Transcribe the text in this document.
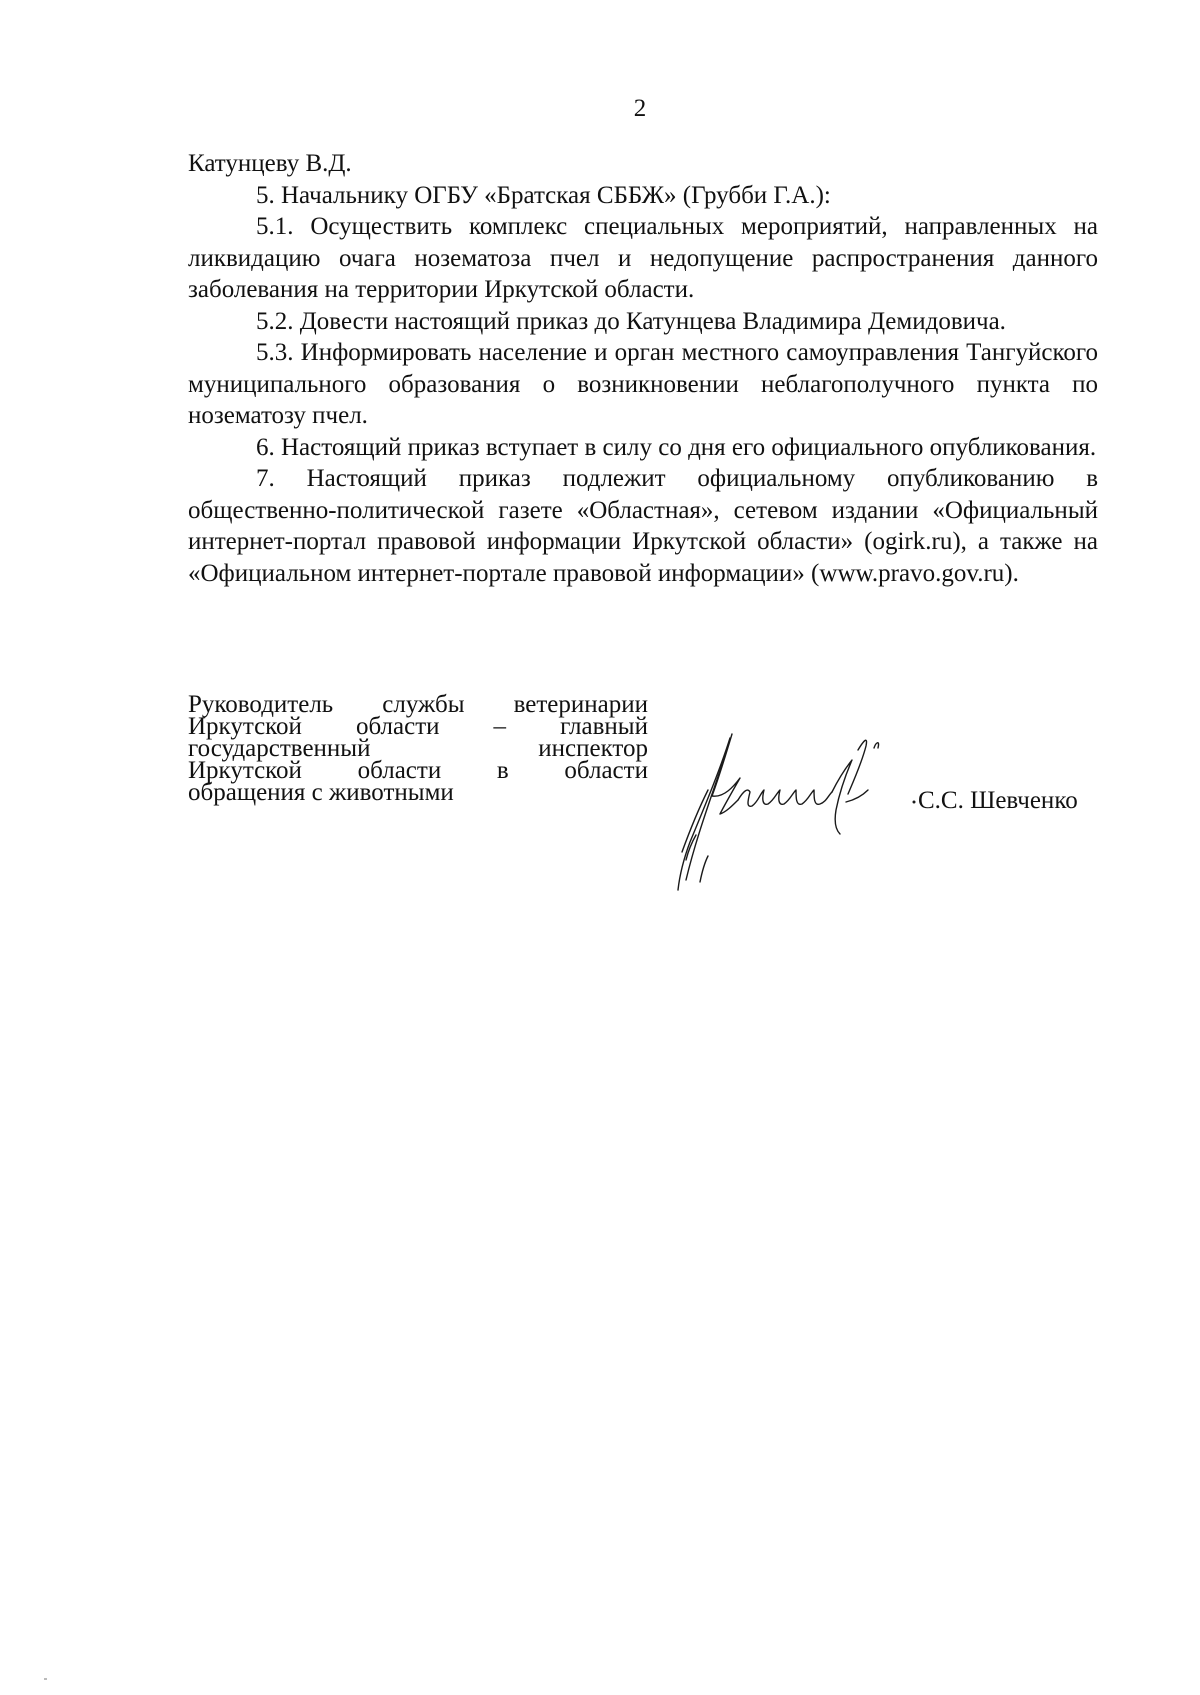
2

Катунцеву В.Д.

5. Начальнику ОГБУ «Братская СББЖ» (Грубби Г.А.):

5.1. Осуществить комплекс специальных мероприятий, направленных на ликвидацию очага нозематоза пчел и недопущение распространения данного заболевания на территории Иркутской области.

5.2. Довести настоящий приказ до Катунцева Владимира Демидовича.

5.3. Информировать население и орган местного самоуправления Тангуйского муниципального образования о возникновении неблагополучного пункта по нозематозу пчел.

6. Настоящий приказ вступает в силу со дня его официального опубликования.

7. Настоящий приказ подлежит официальному опубликованию в общественно-политической газете «Областная», сетевом издании «Официальный интернет-портал правовой информации Иркутской области» (ogirk.ru), а также на «Официальном интернет-портале правовой информации» (www.pravo.gov.ru).

Руководитель службы ветеринарии
Иркутской области – главный
государственный	инспектор
Иркутской области в области
обращения с животными	С.С. Шевченко
